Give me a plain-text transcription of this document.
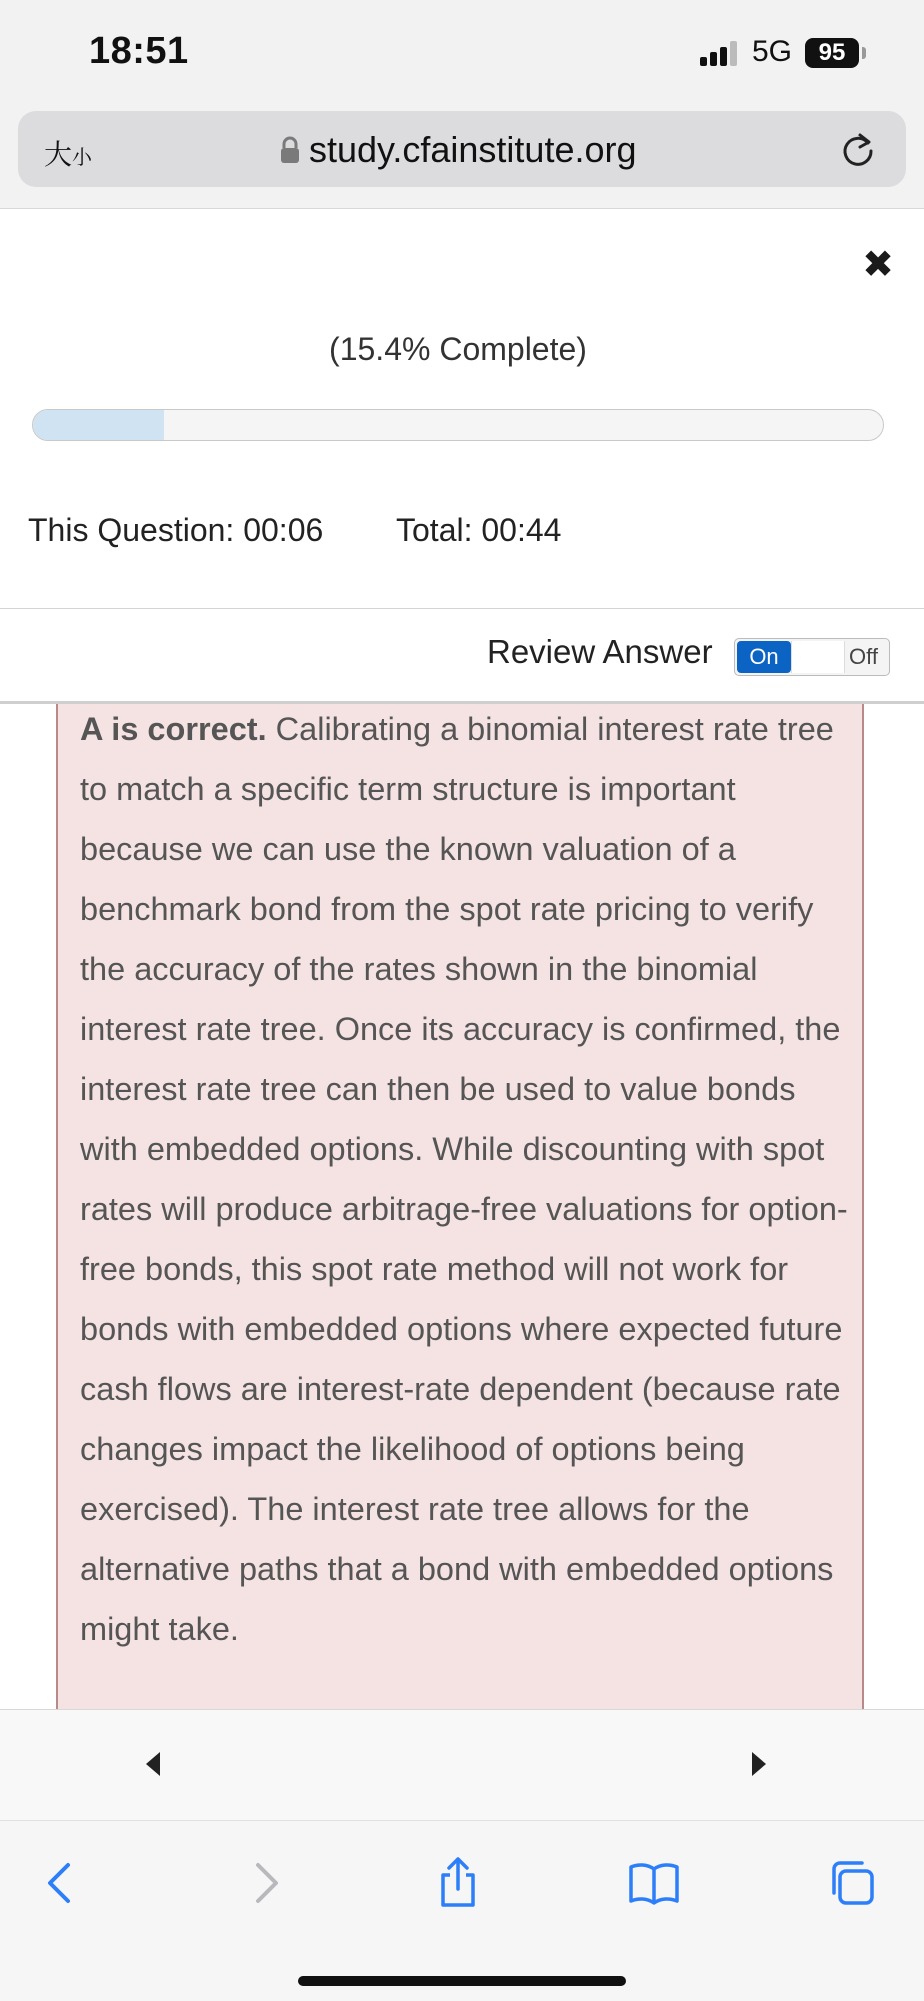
18:51	5G	95
大小	study.cfainstitute.org
✖
(15.4% Complete)
This Question: 00:06 Total: 00:44
Review Answer	On	Off
A is correct. Calibrating a binomial interest rate tree to match a specific term structure is important because we can use the known valuation of a benchmark bond from the spot rate pricing to verify the accuracy of the rates shown in the binomial interest rate tree. Once its accuracy is confirmed, the interest rate tree can then be used to value bonds with embedded options. While discounting with spot rates will produce arbitrage-free valuations for option-free bonds, this spot rate method will not work for bonds with embedded options where expected future cash flows are interest-rate dependent (because rate changes impact the likelihood of options being exercised). The interest rate tree allows for the alternative paths that a bond with embedded options might take.
